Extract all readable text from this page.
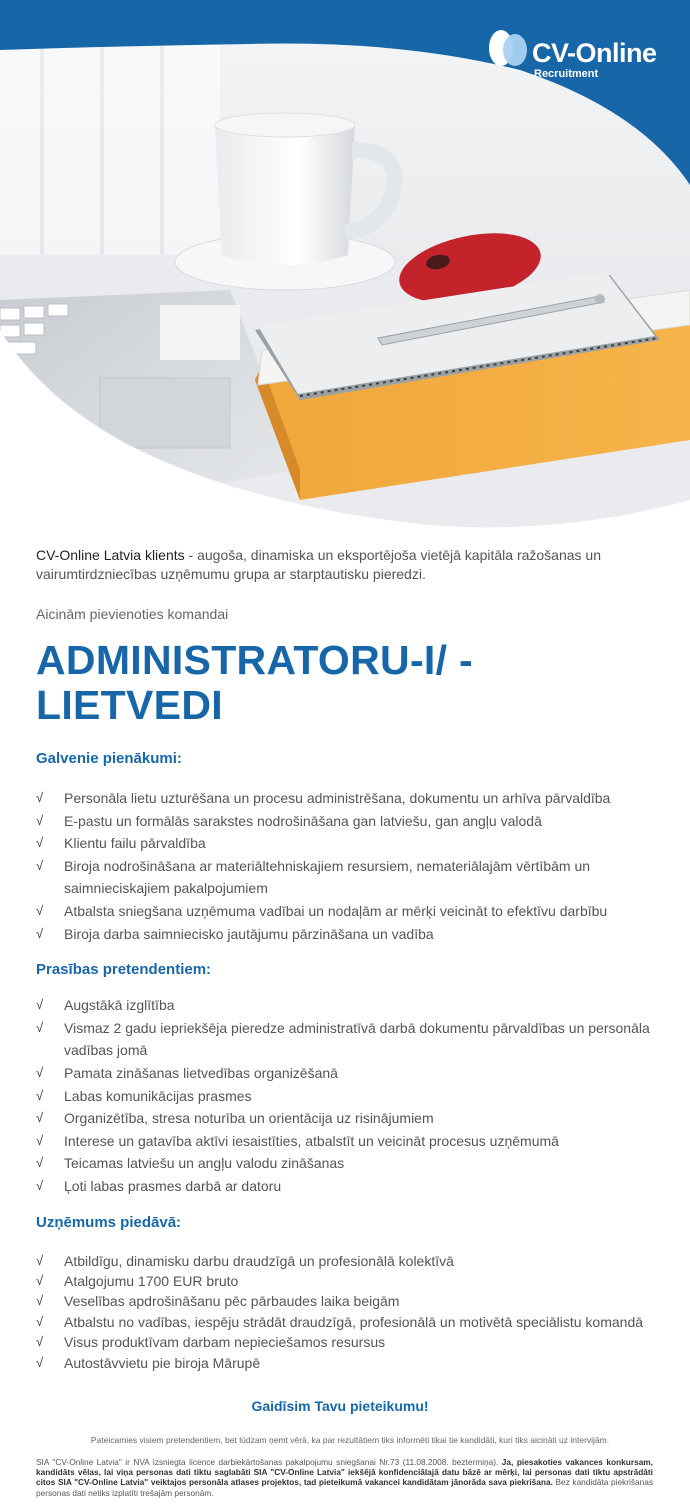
CV-Online
Recruitment

CV-Online Latvia klients - augoša, dinamiska un eksportējoša vietējā kapitāla ražošanas un vairumtirdzniecības uzņēmumu grupa ar starptautisku pieredzi.

Aicinām pievienoties komandai

ADMINISTRATORU-I/ - LIETVEDI
Galvenie pienākumi:
√ Personāla lietu uzturēšana un procesu administrēšana, dokumentu un arhīva pārvaldība
√ E-pastu un formālās sarakstes nodrošināšana gan latviešu, gan angļu valodā
√ Klientu failu pārvaldība
√ Biroja nodrošināšana ar materiāltehniskajiem resursiem, nemateriālajām vērtībām un saimnieciskajiem pakalpojumiem
√ Atbalsta sniegšana uzņēmuma vadībai un nodaļām ar mērķi veicināt to efektīvu darbību
√ Biroja darba saimniecisko jautājumu pārzināšana un vadība
Prasības pretendentiem:
√ Augstākā izglītība
√ Vismaz 2 gadu iepriekšēja pieredze administratīvā darbā dokumentu pārvaldības un personāla vadības jomā
√ Pamata zināšanas lietvedības organizēšanā
√ Labas komunikācijas prasmes
√ Organizētība, stresa noturība un orientācija uz risinājumiem
√ Interese un gatavība aktīvi iesaistīties, atbalstīt un veicināt procesus uzņēmumā
√ Teicamas latviešu un angļu valodu zināšanas
√ Ļoti labas prasmes darbā ar datoru
Uzņēmums piedāvā:
√ Atbildīgu, dinamisku darbu draudzīgā un profesionālā kolektīvā
√ Atalgojumu 1700 EUR bruto
√ Veselības apdrošināšanu pēc pārbaudes laika beigām
√ Atbalstu no vadības, iespēju strādāt draudzīgā, profesionālā un motivētā speciālistu komandā
√ Visus produktīvam darbam nepieciešamos resursus
√ Autostāvvietu pie biroja Mārupē
Gaidīsim Tavu pieteikumu!
Pateicamies visiem pretendentiem, bet lūdzam ņemt vērā, ka par rezultātiem tiks informēti tikai tie kandidāti, kuri tiks aicināti uz intervijām.
SIA "CV-Online Latvia" ir NVA izsniegta licence darbiekārtošanas pakalpojumu sniegšanai Nr.73 (11.08.2008. beztermiņa). Ja, piesakoties vakances konkursam, kandidāts vēlas, lai viņa personas dati tiktu saglabāti SIA "CV-Online Latvia" iekšējā konfidenciālajā datu bāzē ar mērķi, lai personas dati tiktu apstrādāti citos SIA "CV-Online Latvia" veiktajos personāla atlases projektos, tad pieteikumā vakancei kandidātam jānorāda sava piekrišana. Bez kandidāta piekrišanas personas dati netiks izplatīti trešajām personām.
